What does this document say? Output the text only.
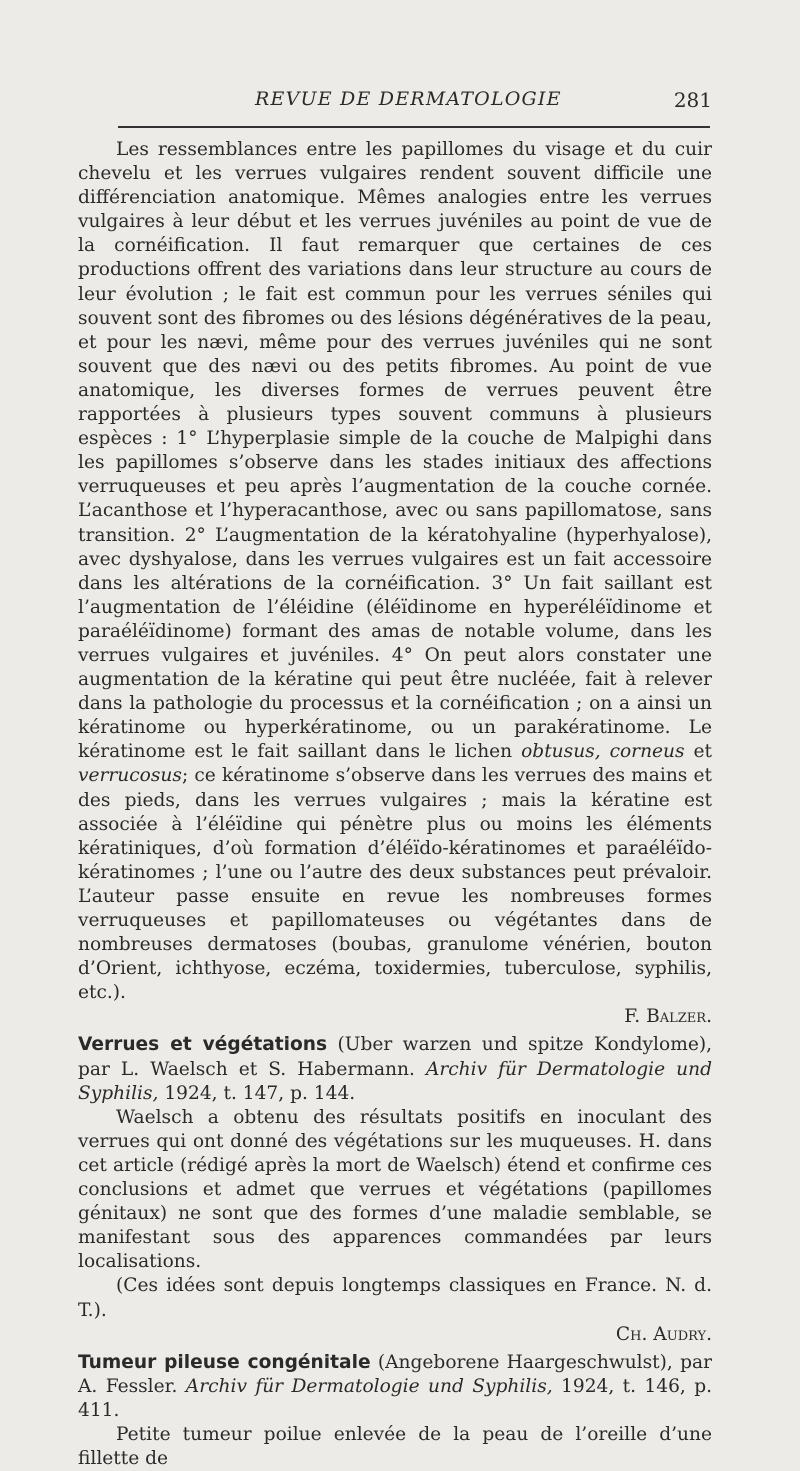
REVUE DE DERMATOLOGIE	281

Les ressemblances entre les papillomes du visage et du cuir chevelu et les verrues vulgaires rendent souvent difficile une différenciation anatomique. Mêmes analogies entre les verrues vulgaires à leur début et les verrues juvéniles au point de vue de la cornéification. Il faut remarquer que certaines de ces productions offrent des variations dans leur structure au cours de leur évolution ; le fait est commun pour les verrues séniles qui souvent sont des fibromes ou des lésions dégénératives de la peau, et pour les nævi, même pour des verrues juvéniles qui ne sont souvent que des nævi ou des petits fibromes. Au point de vue anatomique, les diverses formes de verrues peuvent être rapportées à plusieurs types souvent communs à plusieurs espèces : 1° L’hyperplasie simple de la couche de Malpighi dans les papillomes s’observe dans les stades initiaux des affections verruqueuses et peu après l’augmentation de la couche cornée. L’acanthose et l’hyperacanthose, avec ou sans papillomatose, sans transition. 2° L’augmentation de la kératohyaline (hyperhyalose), avec dyshyalose, dans les verrues vulgaires est un fait accessoire dans les altérations de la cornéification. 3° Un fait saillant est l’augmentation de l’éléidine (éléïdinome en hyperéléïdinome et paraéléïdinome) formant des amas de notable volume, dans les verrues vulgaires et juvéniles. 4° On peut alors constater une augmentation de la kératine qui peut être nucléée, fait à relever dans la pathologie du processus et la cornéification ; on a ainsi un kératinome ou hyperkératinome, ou un parakératinome. Le kératinome est le fait saillant dans le lichen obtusus, corneus et verrucosus; ce kératinome s’observe dans les verrues des mains et des pieds, dans les verrues vulgaires ; mais la kératine est associée à l’éléïdine qui pénètre plus ou moins les éléments kératiniques, d’où formation d’éléïdo-kératinomes et paraéléïdo-kératinomes ; l’une ou l’autre des deux substances peut prévaloir. L’auteur passe ensuite en revue les nombreuses formes verruqueuses et papillomateuses ou végétantes dans de nombreuses dermatoses (boubas, granulome vénérien, bouton d’Orient, ichthyose, eczéma, toxidermies, tuberculose, syphilis, etc.).

F. Balzer.

Verrues et végétations (Uber warzen und spitze Kondylome), par L. Waelsch et S. Habermann. Archiv für Dermatologie und Syphilis, 1924, t. 147, p. 144.

Waelsch a obtenu des résultats positifs en inoculant des verrues qui ont donné des végétations sur les muqueuses. H. dans cet article (rédigé après la mort de Waelsch) étend et confirme ces conclusions et admet que verrues et végétations (papillomes génitaux) ne sont que des formes d’une maladie semblable, se manifestant sous des apparences commandées par leurs localisations.

(Ces idées sont depuis longtemps classiques en France. N. d. T.).

Ch. Audry.

Tumeur pileuse congénitale (Angeborene Haargeschwulst), par A. Fessler. Archiv für Dermatologie und Syphilis, 1924, t. 146, p. 411.

Petite tumeur poilue enlevée de la peau de l’oreille d’une fillette de
